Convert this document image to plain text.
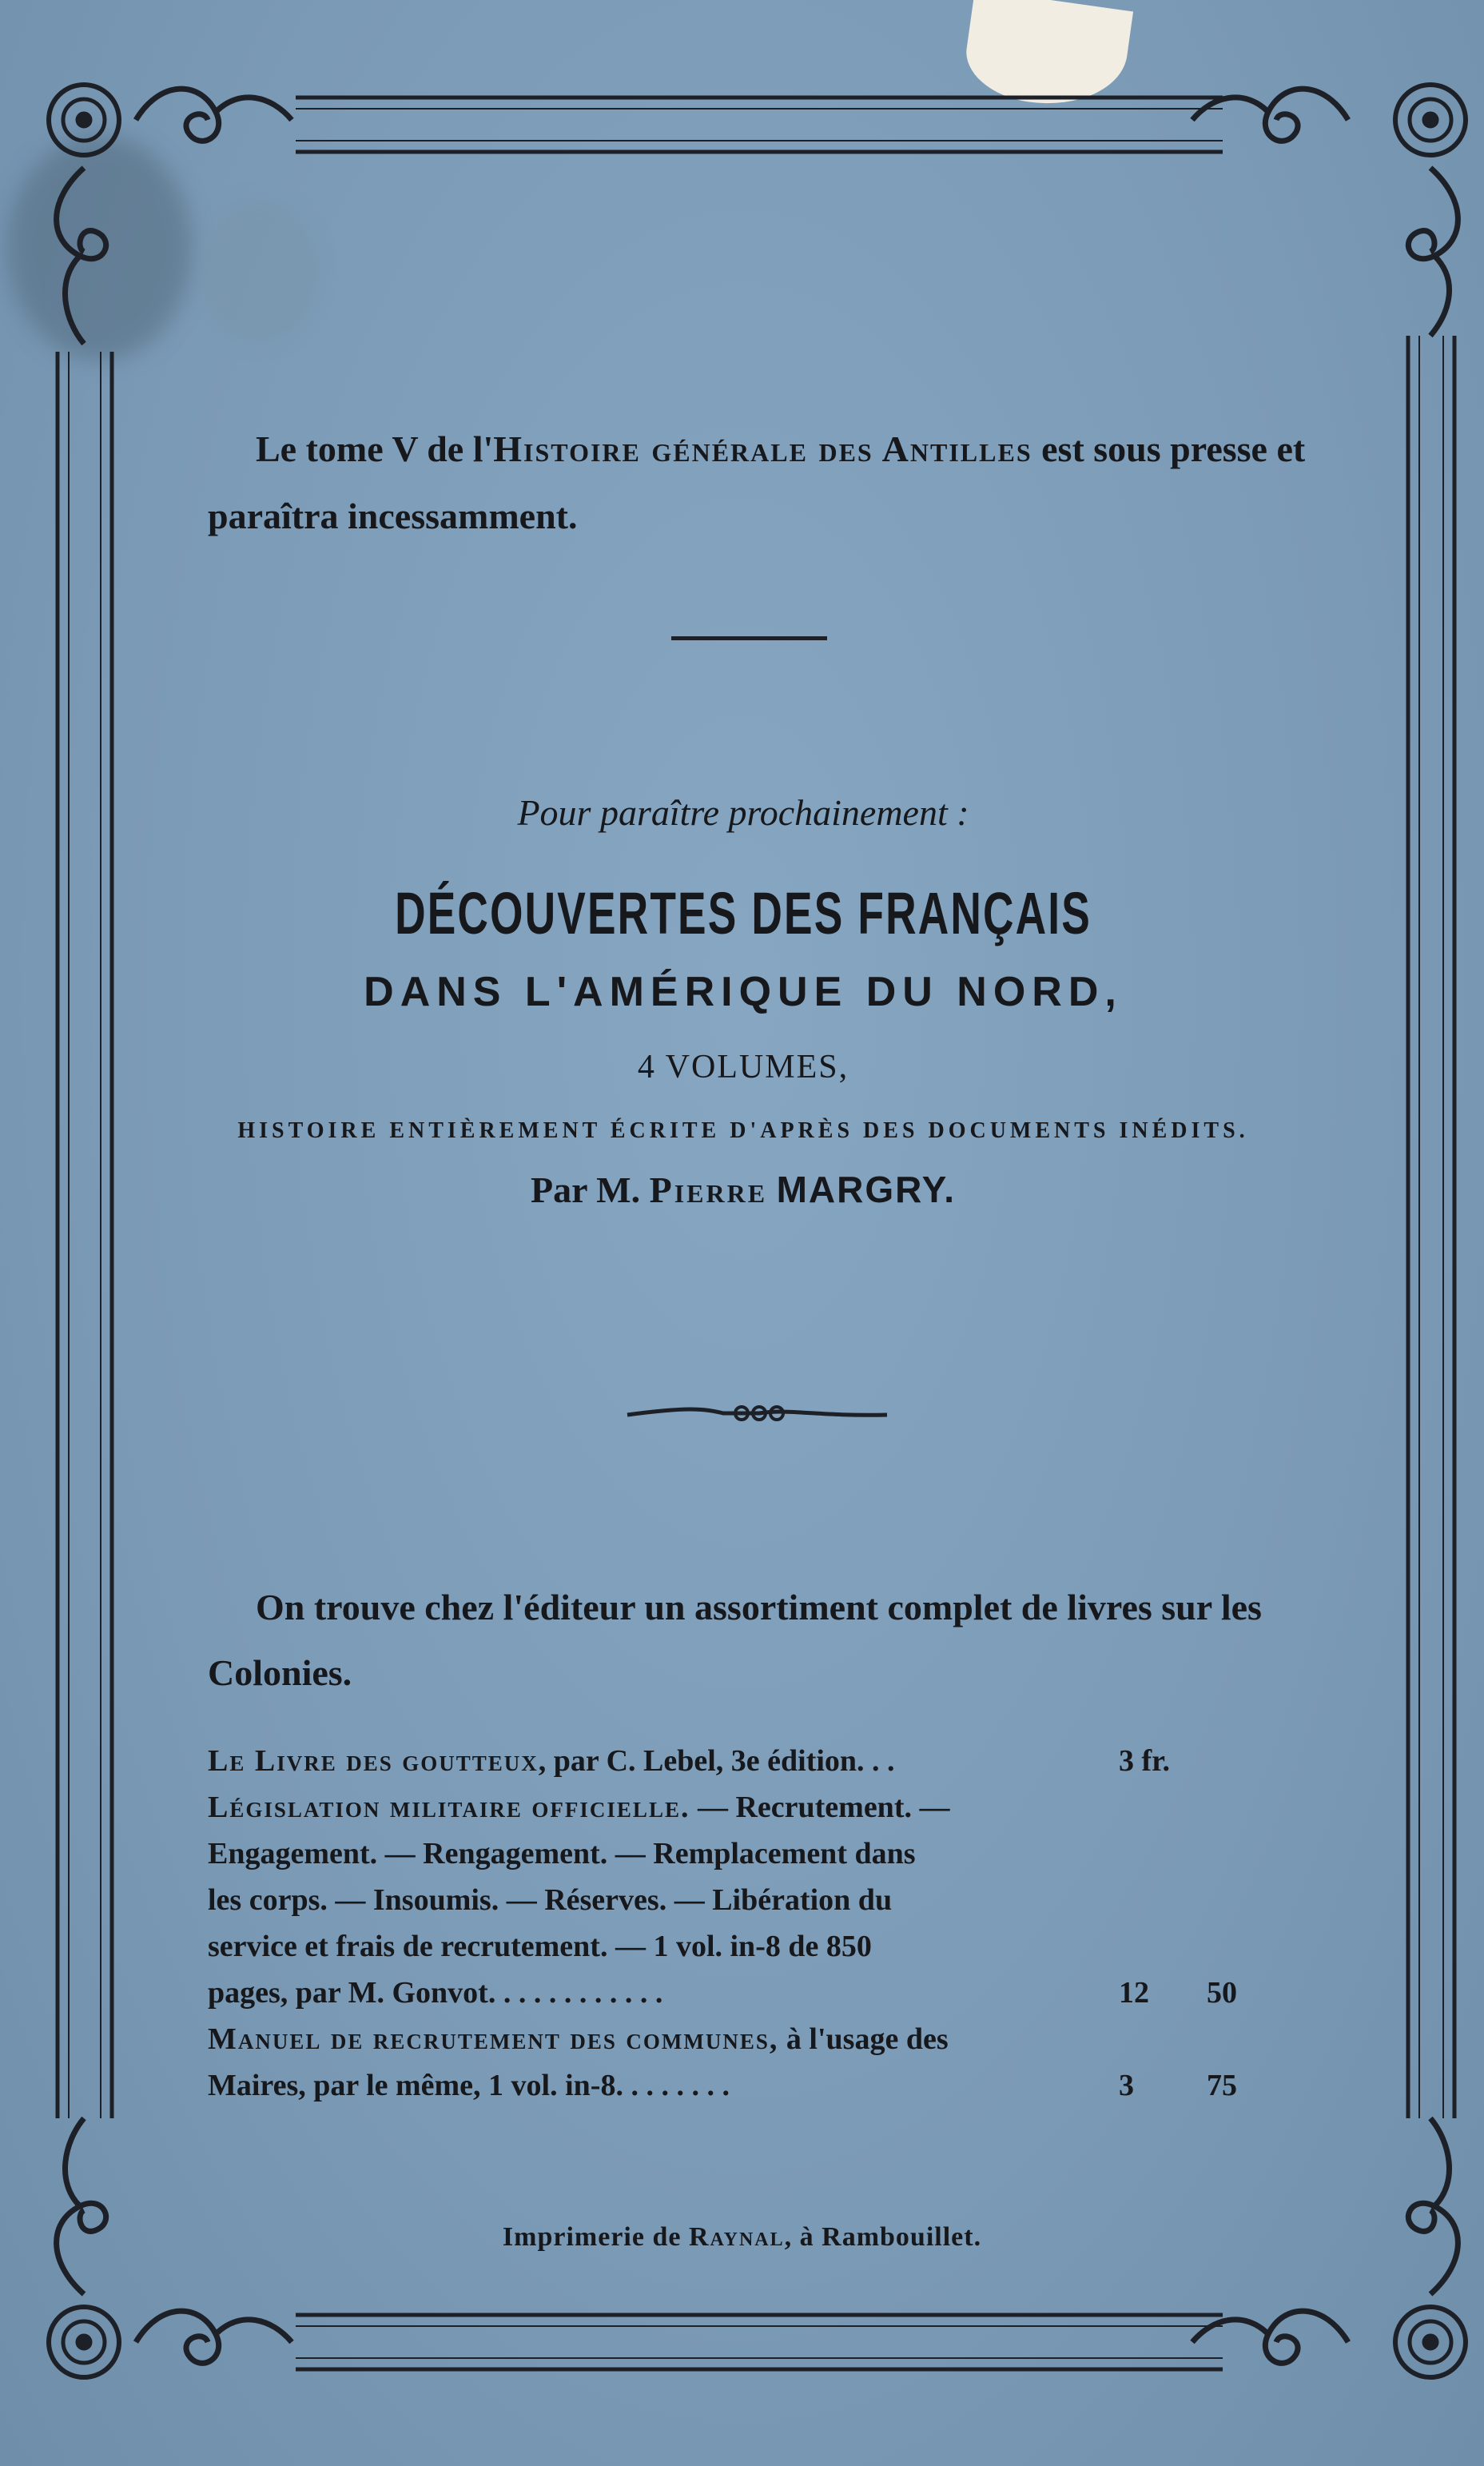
Le tome V de l'Histoire générale des Antilles est sous presse et paraîtra incessamment.

Pour paraître prochainement :

DÉCOUVERTES DES FRANÇAIS

DANS L'AMÉRIQUE DU NORD,

4 VOLUMES,

HISTOIRE ENTIÈREMENT ÉCRITE D'APRÈS DES DOCUMENTS INÉDITS.

Par M. Pierre MARGRY.

On trouve chez l'éditeur un assortiment complet de livres sur les Colonies.

Le Livre des goutteux, par C. Lebel, 3e édition. . .	3 fr.
Législation militaire officielle. — Recrutement. —
Engagement. — Rengagement. — Remplacement dans
les corps. — Insoumis. — Réserves. — Libération du
service et frais de recrutement. — 1 vol. in-8 de 850
pages, par M. Gonvot. . . . . . . . . . . .	12	50
Manuel de recrutement des communes, à l'usage des
Maires, par le même, 1 vol. in-8. . . . . . . .	3	75
Imprimerie de Raynal, à Rambouillet.
